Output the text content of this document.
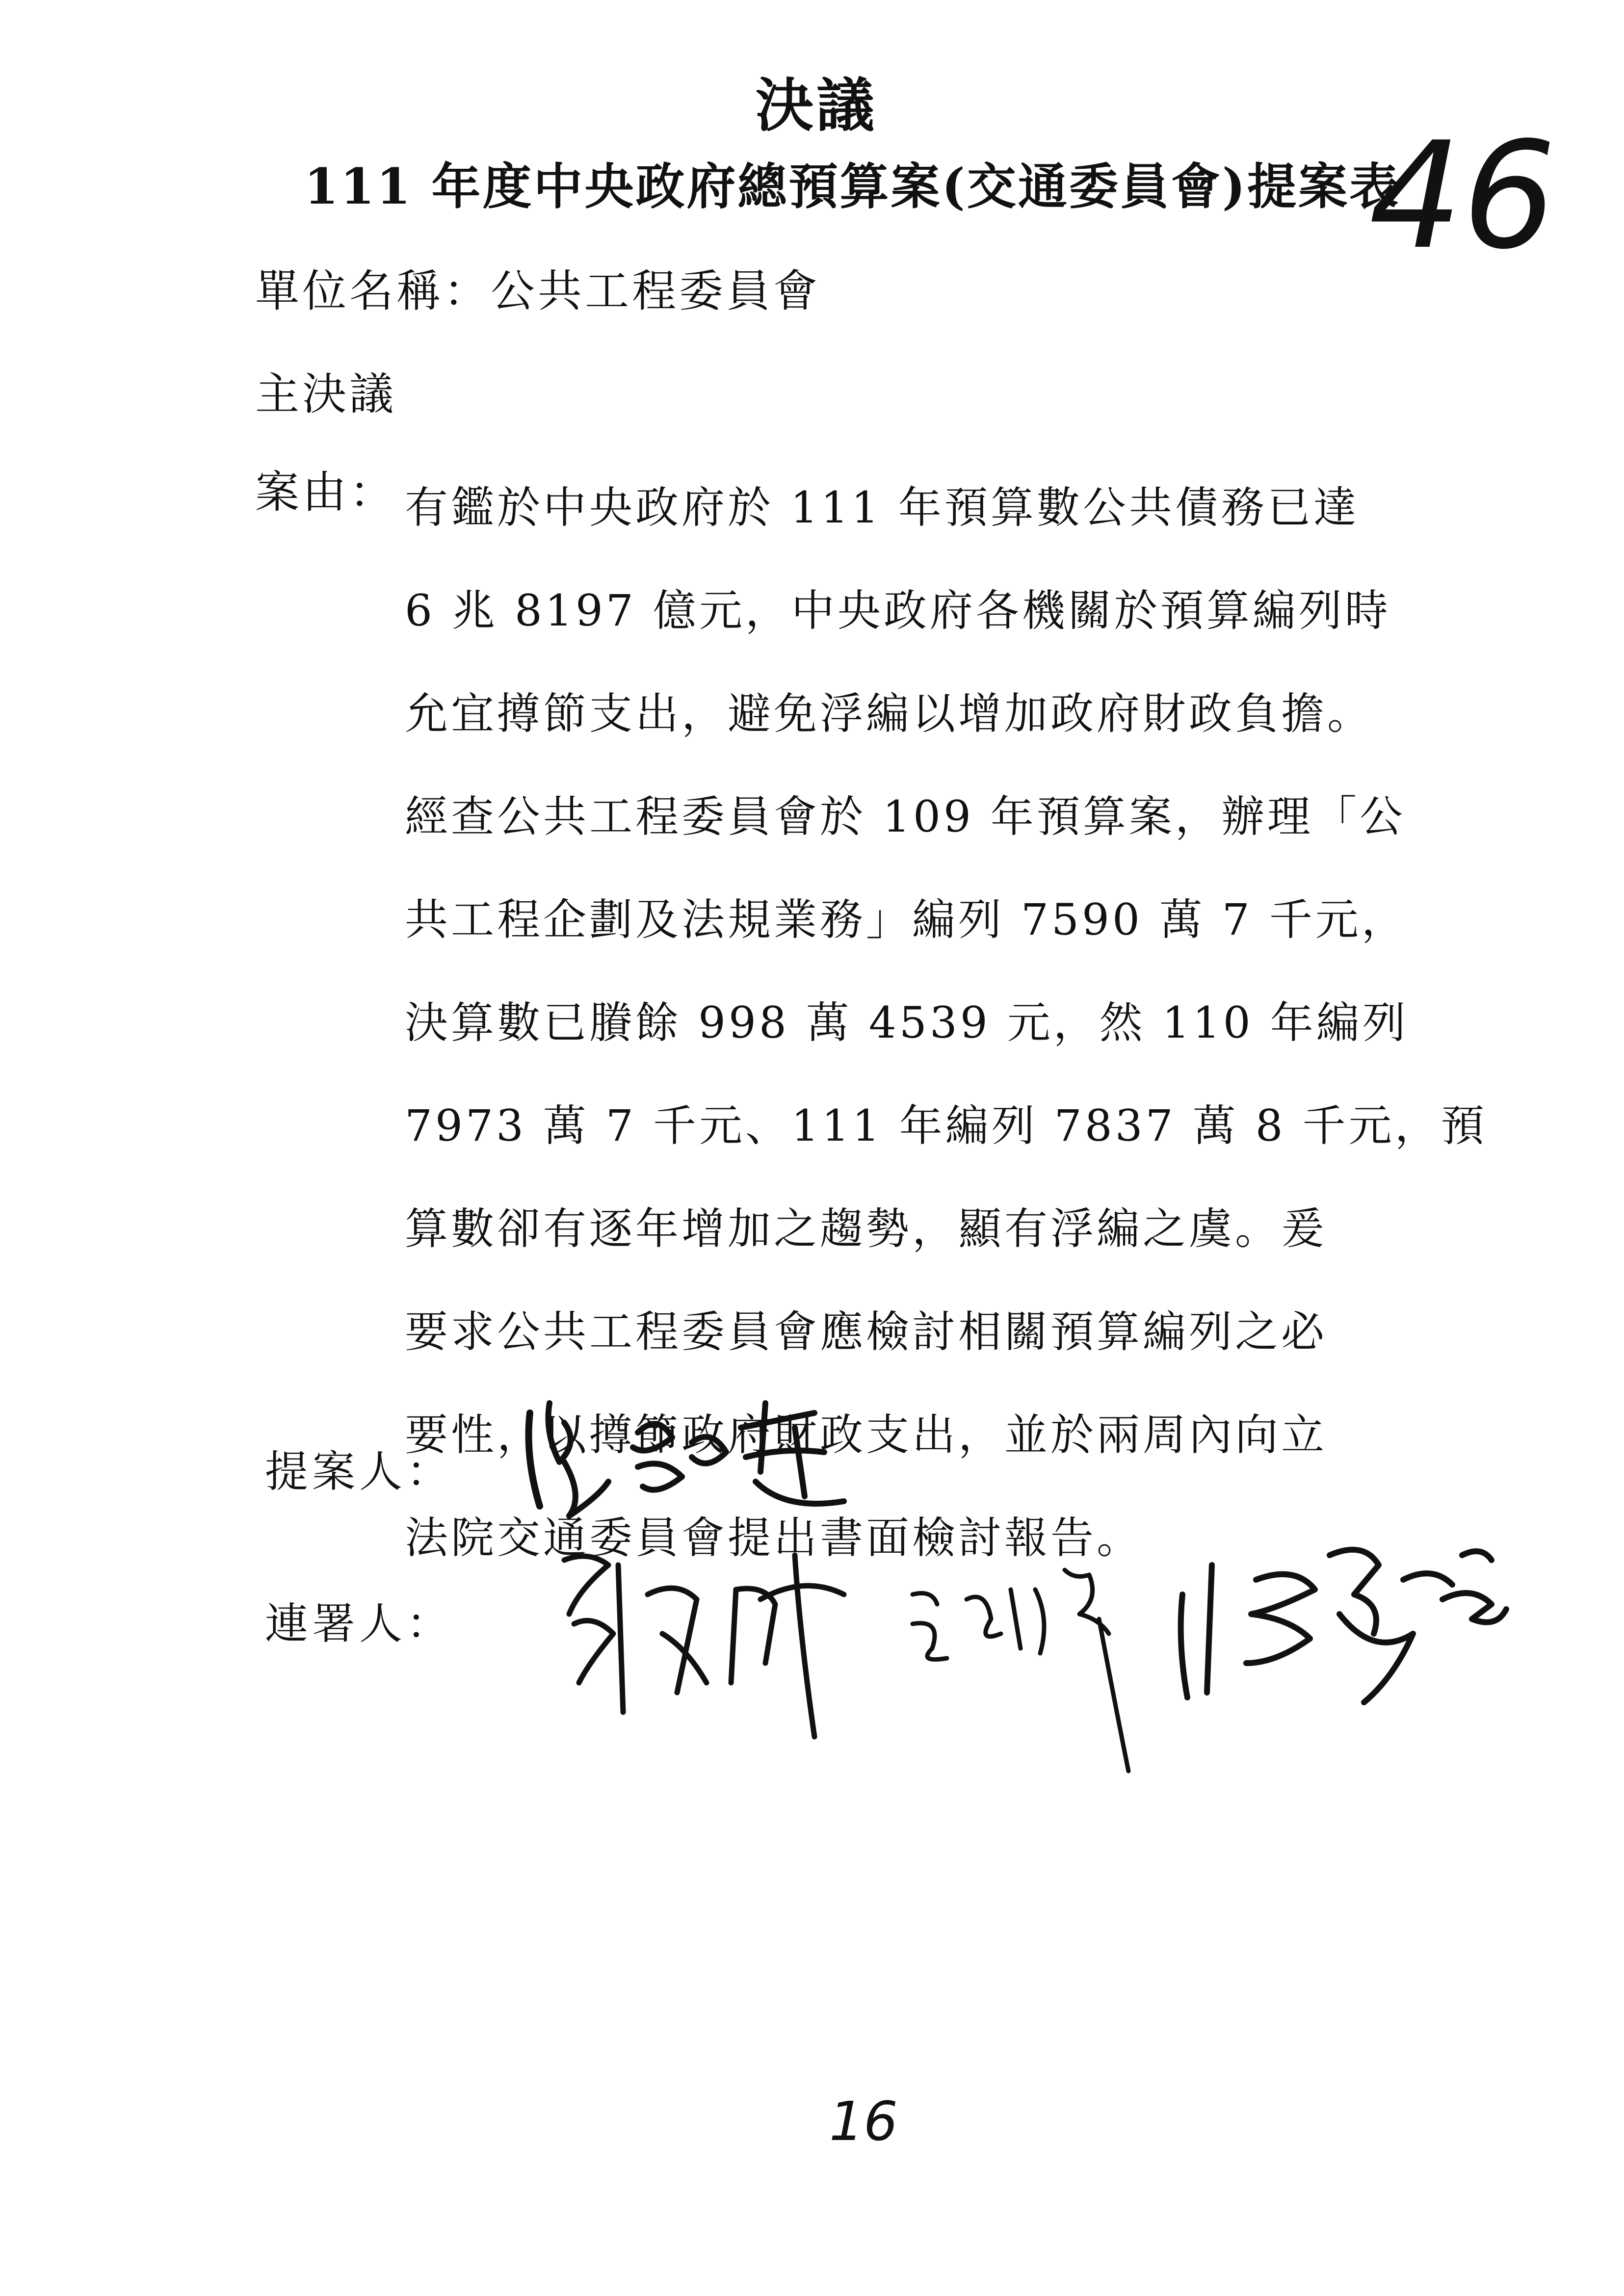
決議
111 年度中央政府總預算案(交通委員會)提案表
46
單位名稱：公共工程委員會
主決議
案由： 有鑑於中央政府於 111 年預算數公共債務已達
6 兆 8197 億元，中央政府各機關於預算編列時
允宜撙節支出，避免浮編以增加政府財政負擔。
經查公共工程委員會於 109 年預算案，辦理「公
共工程企劃及法規業務」編列 7590 萬 7 千元，
決算數已賸餘 998 萬 4539 元，然 110 年編列
7973 萬 7 千元、111 年編列 7837 萬 8 千元，預
算數卻有逐年增加之趨勢，顯有浮編之虞。爰
要求公共工程委員會應檢討相關預算編列之必
要性，以撙節政府財政支出，並於兩周內向立
法院交通委員會提出書面檢討報告。
提案人：
連署人：
16
